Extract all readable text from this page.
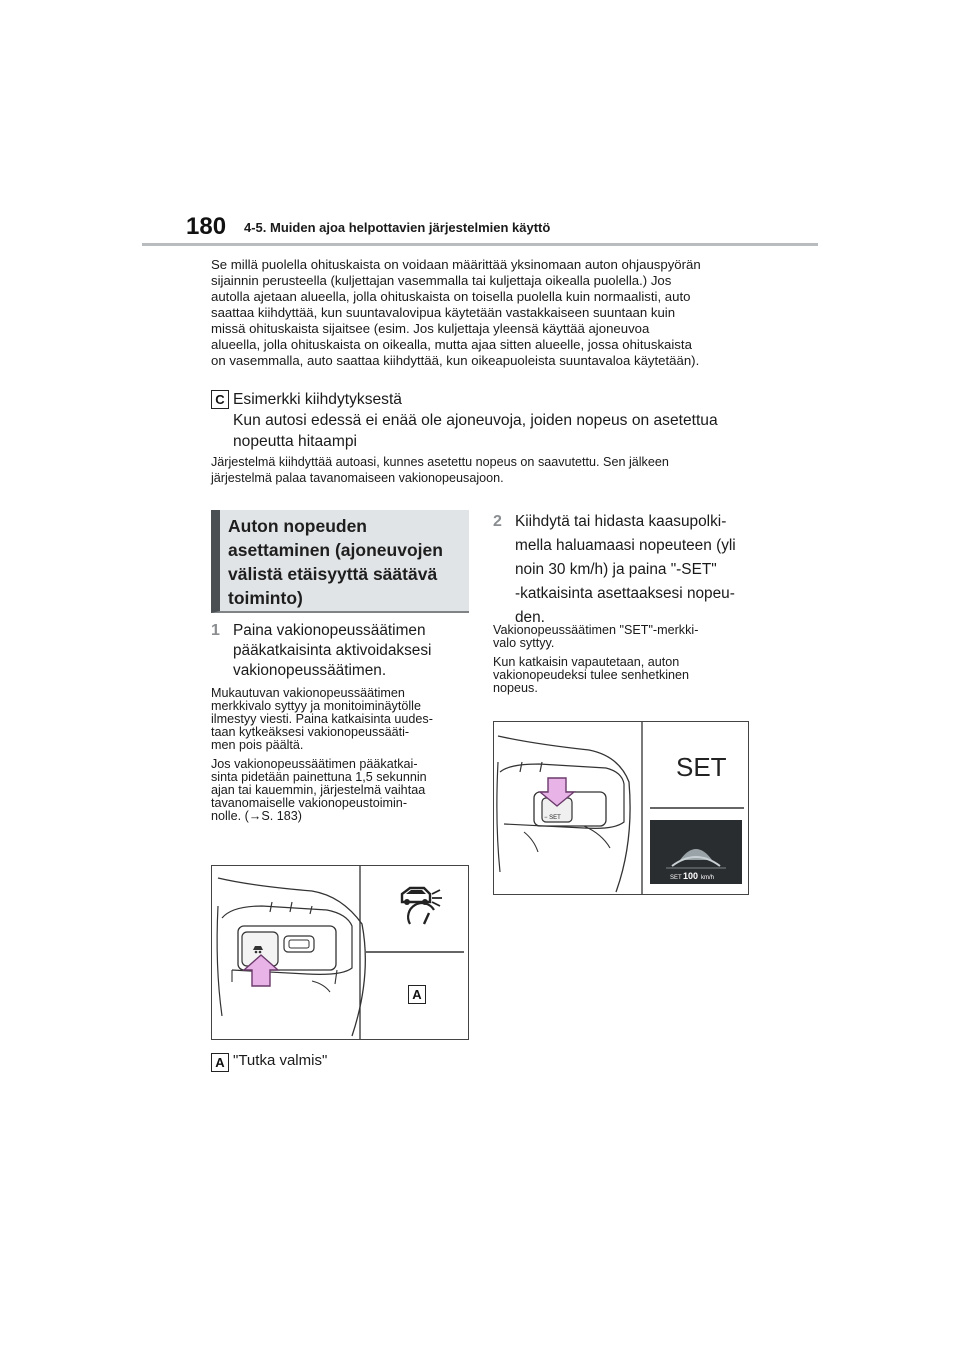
180 4-5. Muiden ajoa helpottavien järjestelmien käyttö

Se millä puolella ohituskaista on voidaan määrittää yksinomaan auton ohjauspyörän

sijainnin perusteella (kuljettajan vasemmalla tai kuljettaja oikealla puolella.) Jos

autolla ajetaan alueella, jolla ohituskaista on toisella puolella kuin normaalisti, auto

saattaa kiihdyttää, kun suuntavalovipua käytetään vastakkaiseen suuntaan kuin

missä ohituskaista sijaitsee (esim. Jos kuljettaja yleensä käyttää ajoneuvoa

alueella, jolla ohituskaista on oikealla, mutta ajaa sitten alueelle, jossa ohituskaista

on vasemmalla, auto saattaa kiihdyttää, kun oikeapuoleista suuntavaloa käytetään).

C Esimerkki kiihdytyksestä

Kun autosi edessä ei enää ole ajoneuvoja, joiden nopeus on asetettua

nopeutta hitaampi

Järjestelmä kiihdyttää autoasi, kunnes asetettu nopeus on saavutettu. Sen jälkeen

järjestelmä palaa tavanomaiseen vakionopeusajoon.

Auton nopeuden

asettaminen (ajoneuvojen

välistä etäisyyttä säätävä

toiminto)

1 Paina vakionopeussäätimen

pääkatkaisinta aktivoidaksesi

vakionopeussäätimen.

Mukautuvan vakionopeussäätimen
merkkivalo syttyy ja monitoiminäytölle
ilmestyy viesti. Paina katkaisinta uudes-
taan kytkeäksesi vakionopeussääti-
men pois päältä.

Jos vakionopeussäätimen pääkatkai-
sinta pidetään painettuna 1,5 sekunnin
ajan tai kauemmin, järjestelmä vaihtaa
tavanomaiselle vakionopeustoimin-
nolle. (→S. 183)

A
A "Tutka valmis"
2 Kiihdytä tai hidasta kaasupolki-

mella haluamaasi nopeuteen (yli

noin 30 km/h) ja paina "-SET"

-katkaisinta asettaaksesi nopeu-

den.

Vakionopeussäätimen "SET"-merkki-
valo syttyy.

Kun katkaisin vapautetaan, auton
vakionopeudeksi tulee senhetkinen
nopeus.

− SET
SET
SET 100 km/h
